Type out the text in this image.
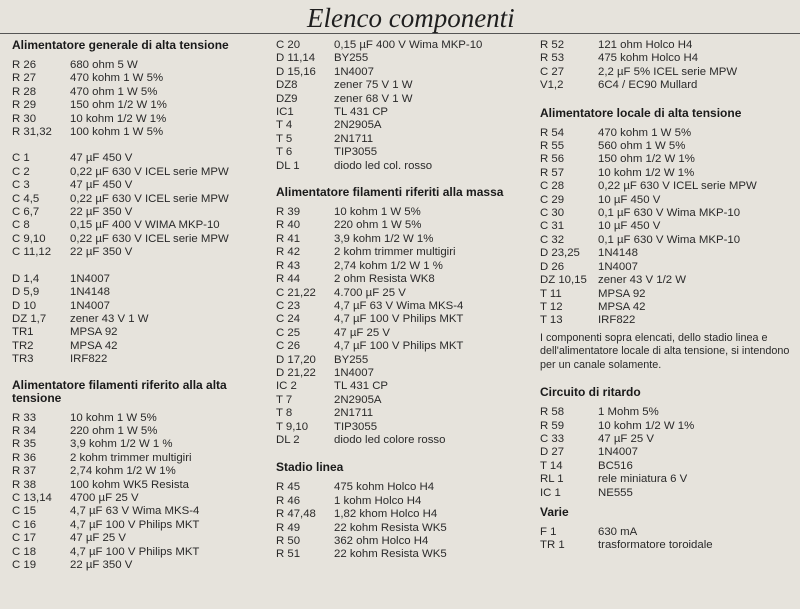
Elenco componenti
Alimentatore generale di alta tensione
R 26	680 ohm 5 W
R 27	470 kohm 1 W 5%
R 28	470 ohm 1 W 5%
R 29	150 ohm 1/2 W 1%
R 30	10 kohm 1/2 W 1%
R 31,32	100 kohm 1 W 5%
C 1	47 µF 450 V
C 2	0,22 µF 630 V ICEL serie MPW
C 3	47 µF 450 V
C 4,5	0,22 µF 630 V ICEL serie MPW
C 6,7	22 µF 350 V
C 8	0,15 µF 400 V WIMA MKP-10
C 9,10	0,22 µF 630 V ICEL serie MPW
C 11,12	22 µF 350 V
D 1,4	1N4007
D 5,9	1N4148
D 10	1N4007
DZ 1,7	zener 43 V 1 W
TR1	MPSA 92
TR2	MPSA 42
TR3	IRF822
Alimentatore filamenti riferito alla alta tensione
R 33	10 kohm 1 W 5%
R 34	220 ohm 1 W 5%
R 35	3,9 kohm 1/2 W 1 %
R 36	2 kohm trimmer multigiri
R 37	2,74 kohm 1/2 W 1%
R 38	100 kohm WK5 Resista
C 13,14	4700 µF 25 V
C 15	4,7 µF 63 V Wima MKS-4
C 16	4,7 µF 100 V Philips MKT
C 17	47 µF 25 V
C 18	4,7 µF 100 V Philips MKT
C 19	22 µF 350 V
C 20	0,15 µF 400 V Wima MKP-10
D 11,14	BY255
D 15,16	1N4007
DZ8	zener 75 V 1 W
DZ9	zener 68 V 1 W
IC1	TL 431 CP
T 4	2N2905A
T 5	2N1711
T 6	TIP3055
DL 1	diodo led col. rosso
Alimentatore filamenti riferiti alla massa
R 39	10 kohm 1 W 5%
R 40	220 ohm 1 W 5%
R 41	3,9 kohm 1/2 W 1%
R 42	2 kohm trimmer multigiri
R 43	2,74 kohm 1/2 W 1 %
R 44	2 ohm Resista WK8
C 21,22	4.700 µF 25 V
C 23	4,7 µF 63 V Wima MKS-4
C 24	4,7 µF 100 V Philips MKT
C 25	47 µF 25 V
C 26	4,7 µF 100 V Philips MKT
D 17,20	BY255
D 21,22	1N4007
IC 2	TL 431 CP
T 7	2N2905A
T 8	2N1711
T 9,10	TIP3055
DL 2	diodo led colore rosso
Stadio linea
R 45	475 kohm Holco H4
R 46	1 kohm Holco H4
R 47,48	1,82 khom Holco H4
R 49	22 kohm Resista WK5
R 50	362 ohm Holco H4
R 51	22 kohm Resista WK5
R 52	121 ohm Holco H4
R 53	475 kohm Holco H4
C 27	2,2 µF 5% ICEL serie MPW
V1,2	6C4 / EC90 Mullard
Alimentatore locale di alta tensione
R 54	470 kohm 1 W 5%
R 55	560 ohm 1 W 5%
R 56	150 ohm 1/2 W 1%
R 57	10 kohm 1/2 W 1%
C 28	0,22 µF 630 V ICEL serie MPW
C 29	10 µF 450 V
C 30	0,1 µF 630 V Wima MKP-10
C 31	10 µF 450 V
C 32	0,1 µF 630 V Wima MKP-10
D 23,25	1N4148
D 26	1N4007
DZ 10,15 zener 43 V 1/2 W
T 11	MPSA 92
T 12	MPSA 42
T 13	IRF822
I componenti sopra elencati, dello stadio linea e dell'alimentatore locale di alta tensione, si intendono per un canale solamente.
Circuito di ritardo
R 58	1 Mohm 5%
R 59	10 kohm 1/2 W 1%
C 33	47 µF 25 V
D 27	1N4007
T 14	BC516
RL 1	rele miniatura 6 V
IC 1	NE555
Varie
F 1	630 mA
TR 1	trasformatore toroidale
